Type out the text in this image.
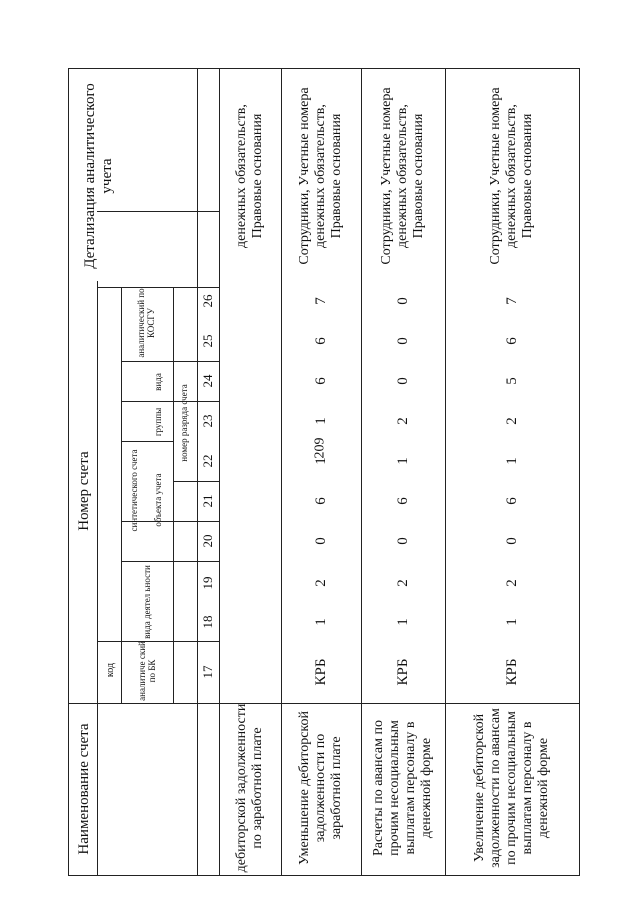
209
Наименование счета
Номер счета
код	аналитиче ский по БК
вида деятел ьности
синтетического счета	объекта учета
группы
вида
аналитический по КОСГУ
номер разряда счета
Детализация аналитического учета
17
18
19
20
21
22
23
24
25
26
дебиторской задолженности по заработной плате
денежных обязательств, Правовые основания
Уменьшение дебиторской задолженности по заработной плате
КРБ
1
2
0
6
1
1
6
6
7
Сотрудники, Учетные номера денежных обязательств, Правовые основания
Расчеты по авансам по прочим несоциальным выплатам персоналу в денежной форме
КРБ
1
2
0
6
1
2
0
0
0
Сотрудники, Учетные номера денежных обязательств, Правовые основания
Увеличение дебиторской задолженности по авансам по прочим несоциальным выплатам персоналу в денежной форме
КРБ
1
2
0
6
1
2
5
6
7
Сотрудники, Учетные номера денежных обязательств, Правовые основания
